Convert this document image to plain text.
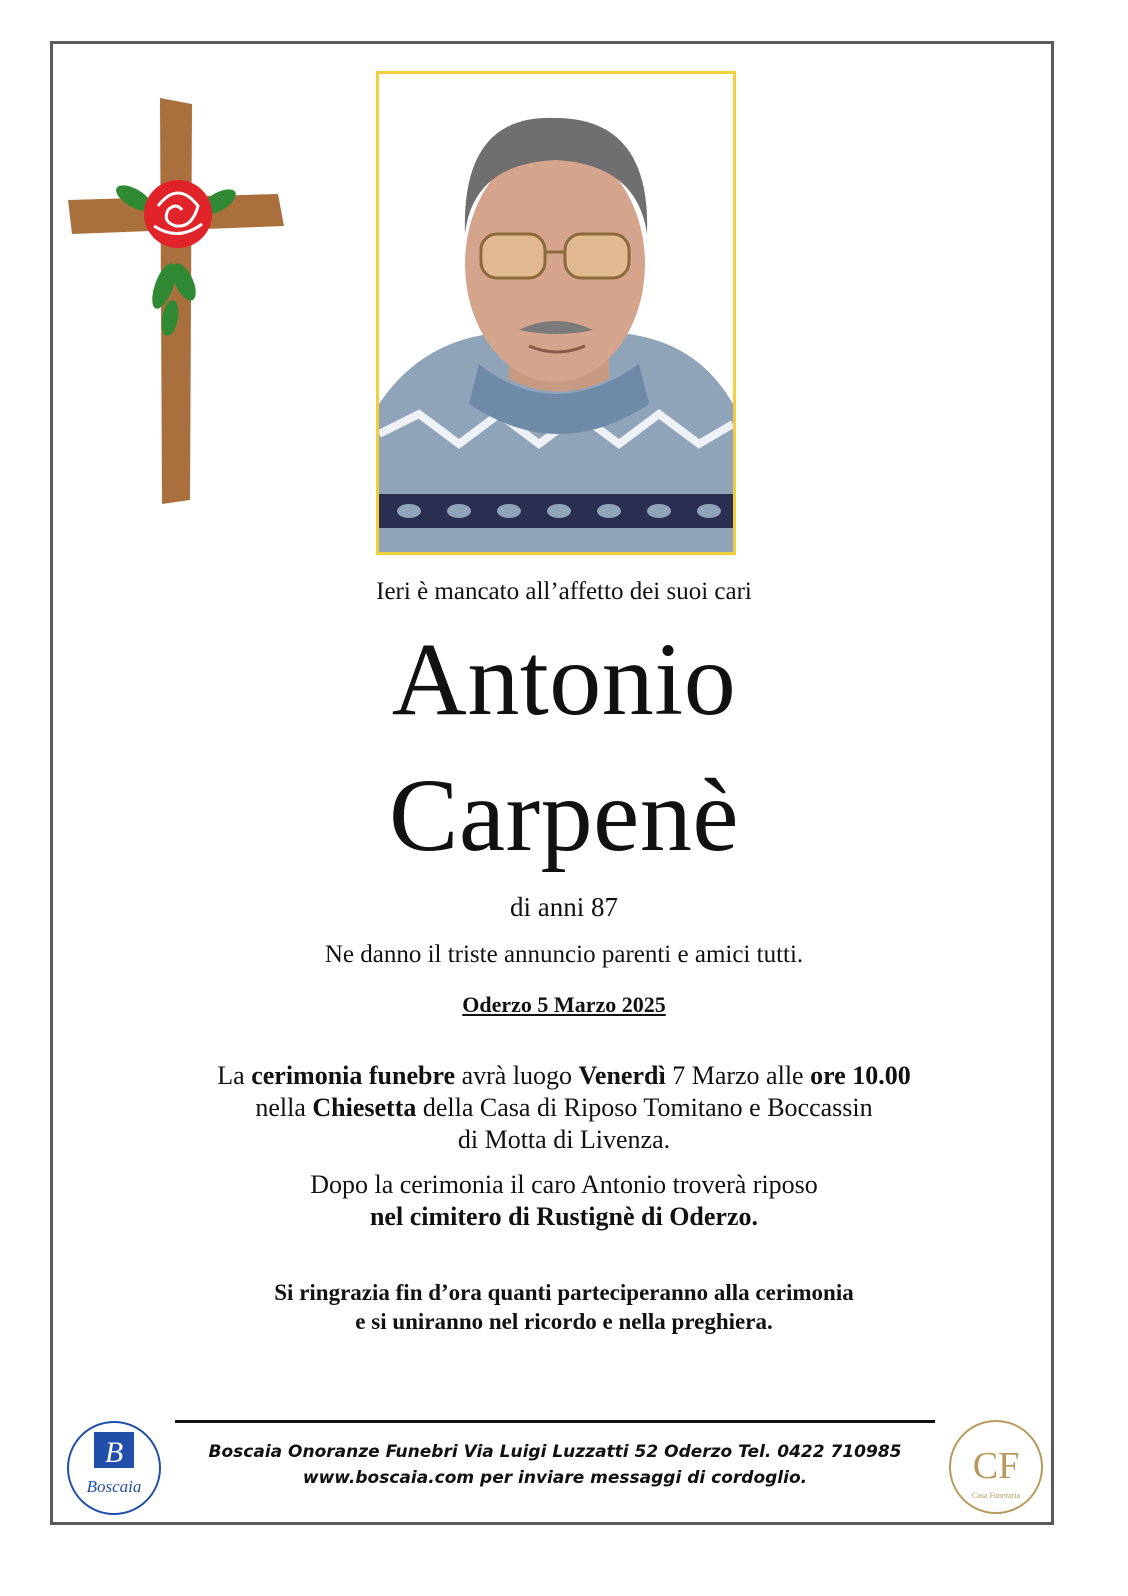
Ieri è mancato all’affetto dei suoi cari
Antonio
Carpenè
di anni 87
Ne danno il triste annuncio parenti e amici tutti.
Oderzo 5 Marzo 2025
La cerimonia funebre avrà luogo Venerdì 7 Marzo alle ore 10.00
nella Chiesetta della Casa di Riposo Tomitano e Boccassin
di Motta di Livenza.
Dopo la cerimonia il caro Antonio troverà riposo
nel cimitero di Rustignè di Oderzo.
Si ringrazia fin d’ora quanti parteciperanno alla cerimonia
e si uniranno nel ricordo e nella preghiera.
Boscaia Onoranze Funebri Via Luigi Luzzatti 52 Oderzo Tel. 0422 710985
www.boscaia.com per inviare messaggi di cordoglio.
B
Boscaia	CF
Casa Funeraria
